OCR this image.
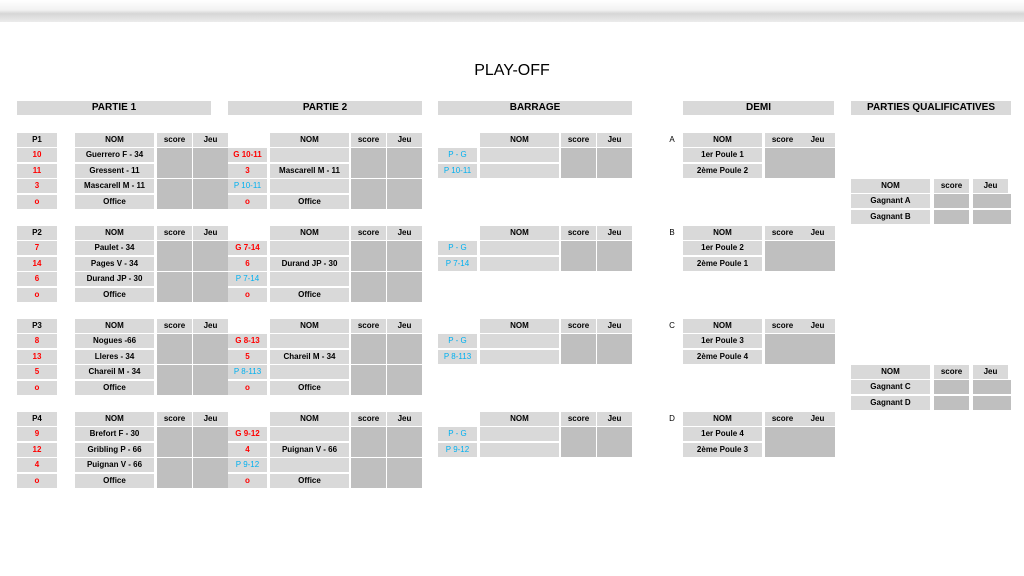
PLAY-OFF
PARTIE 1	PARTIE 2	BARRAGE	DEMI	PARTIES QUALIFICATIVES
P1	NOM	score	Jeu
10	Guerrero F - 34
11	Gressent - 11
3	Mascarell M - 11
o	Office
P2	NOM	score	Jeu
7	Paulet - 34
14	Pages V - 34
6	Durand JP - 30
o	Office
P3	NOM	score	Jeu
8	Nogues -66
13	Lleres - 34
5	Chareil M - 34
o	Office
P4	NOM	score	Jeu
9	Brefort F - 30
12	Gribling P - 66
4	Puignan V - 66
o	Office
NOM	score	Jeu
G 10-11
3	Mascarell M - 11
P 10-11
o	Office
NOM	score	Jeu
G 7-14
6	Durand JP - 30
P 7-14
o	Office
NOM	score	Jeu
G 8-13
5	Chareil M - 34
P 8-113
o	Office
NOM	score	Jeu
G 9-12
4	Puignan V - 66
P 9-12
o	Office
NOM	score	Jeu
P - G
P 10-11
NOM	score	Jeu
P - G
P 7-14
NOM	score	Jeu
P - G
P 8-113
NOM	score	Jeu
P - G
P 9-12
A	NOM	score	Jeu
1er Poule 1
2ème Poule 2
B	NOM	score	Jeu
1er Poule 2
2ème Poule 1
C	NOM	score	Jeu
1er Poule 3
2ème Poule 4
D	NOM	score	Jeu
1er Poule 4
2ème Poule 3
NOM	score	Jeu
Gagnant A
Gagnant B
NOM	score	Jeu
Gagnant C
Gagnant D
